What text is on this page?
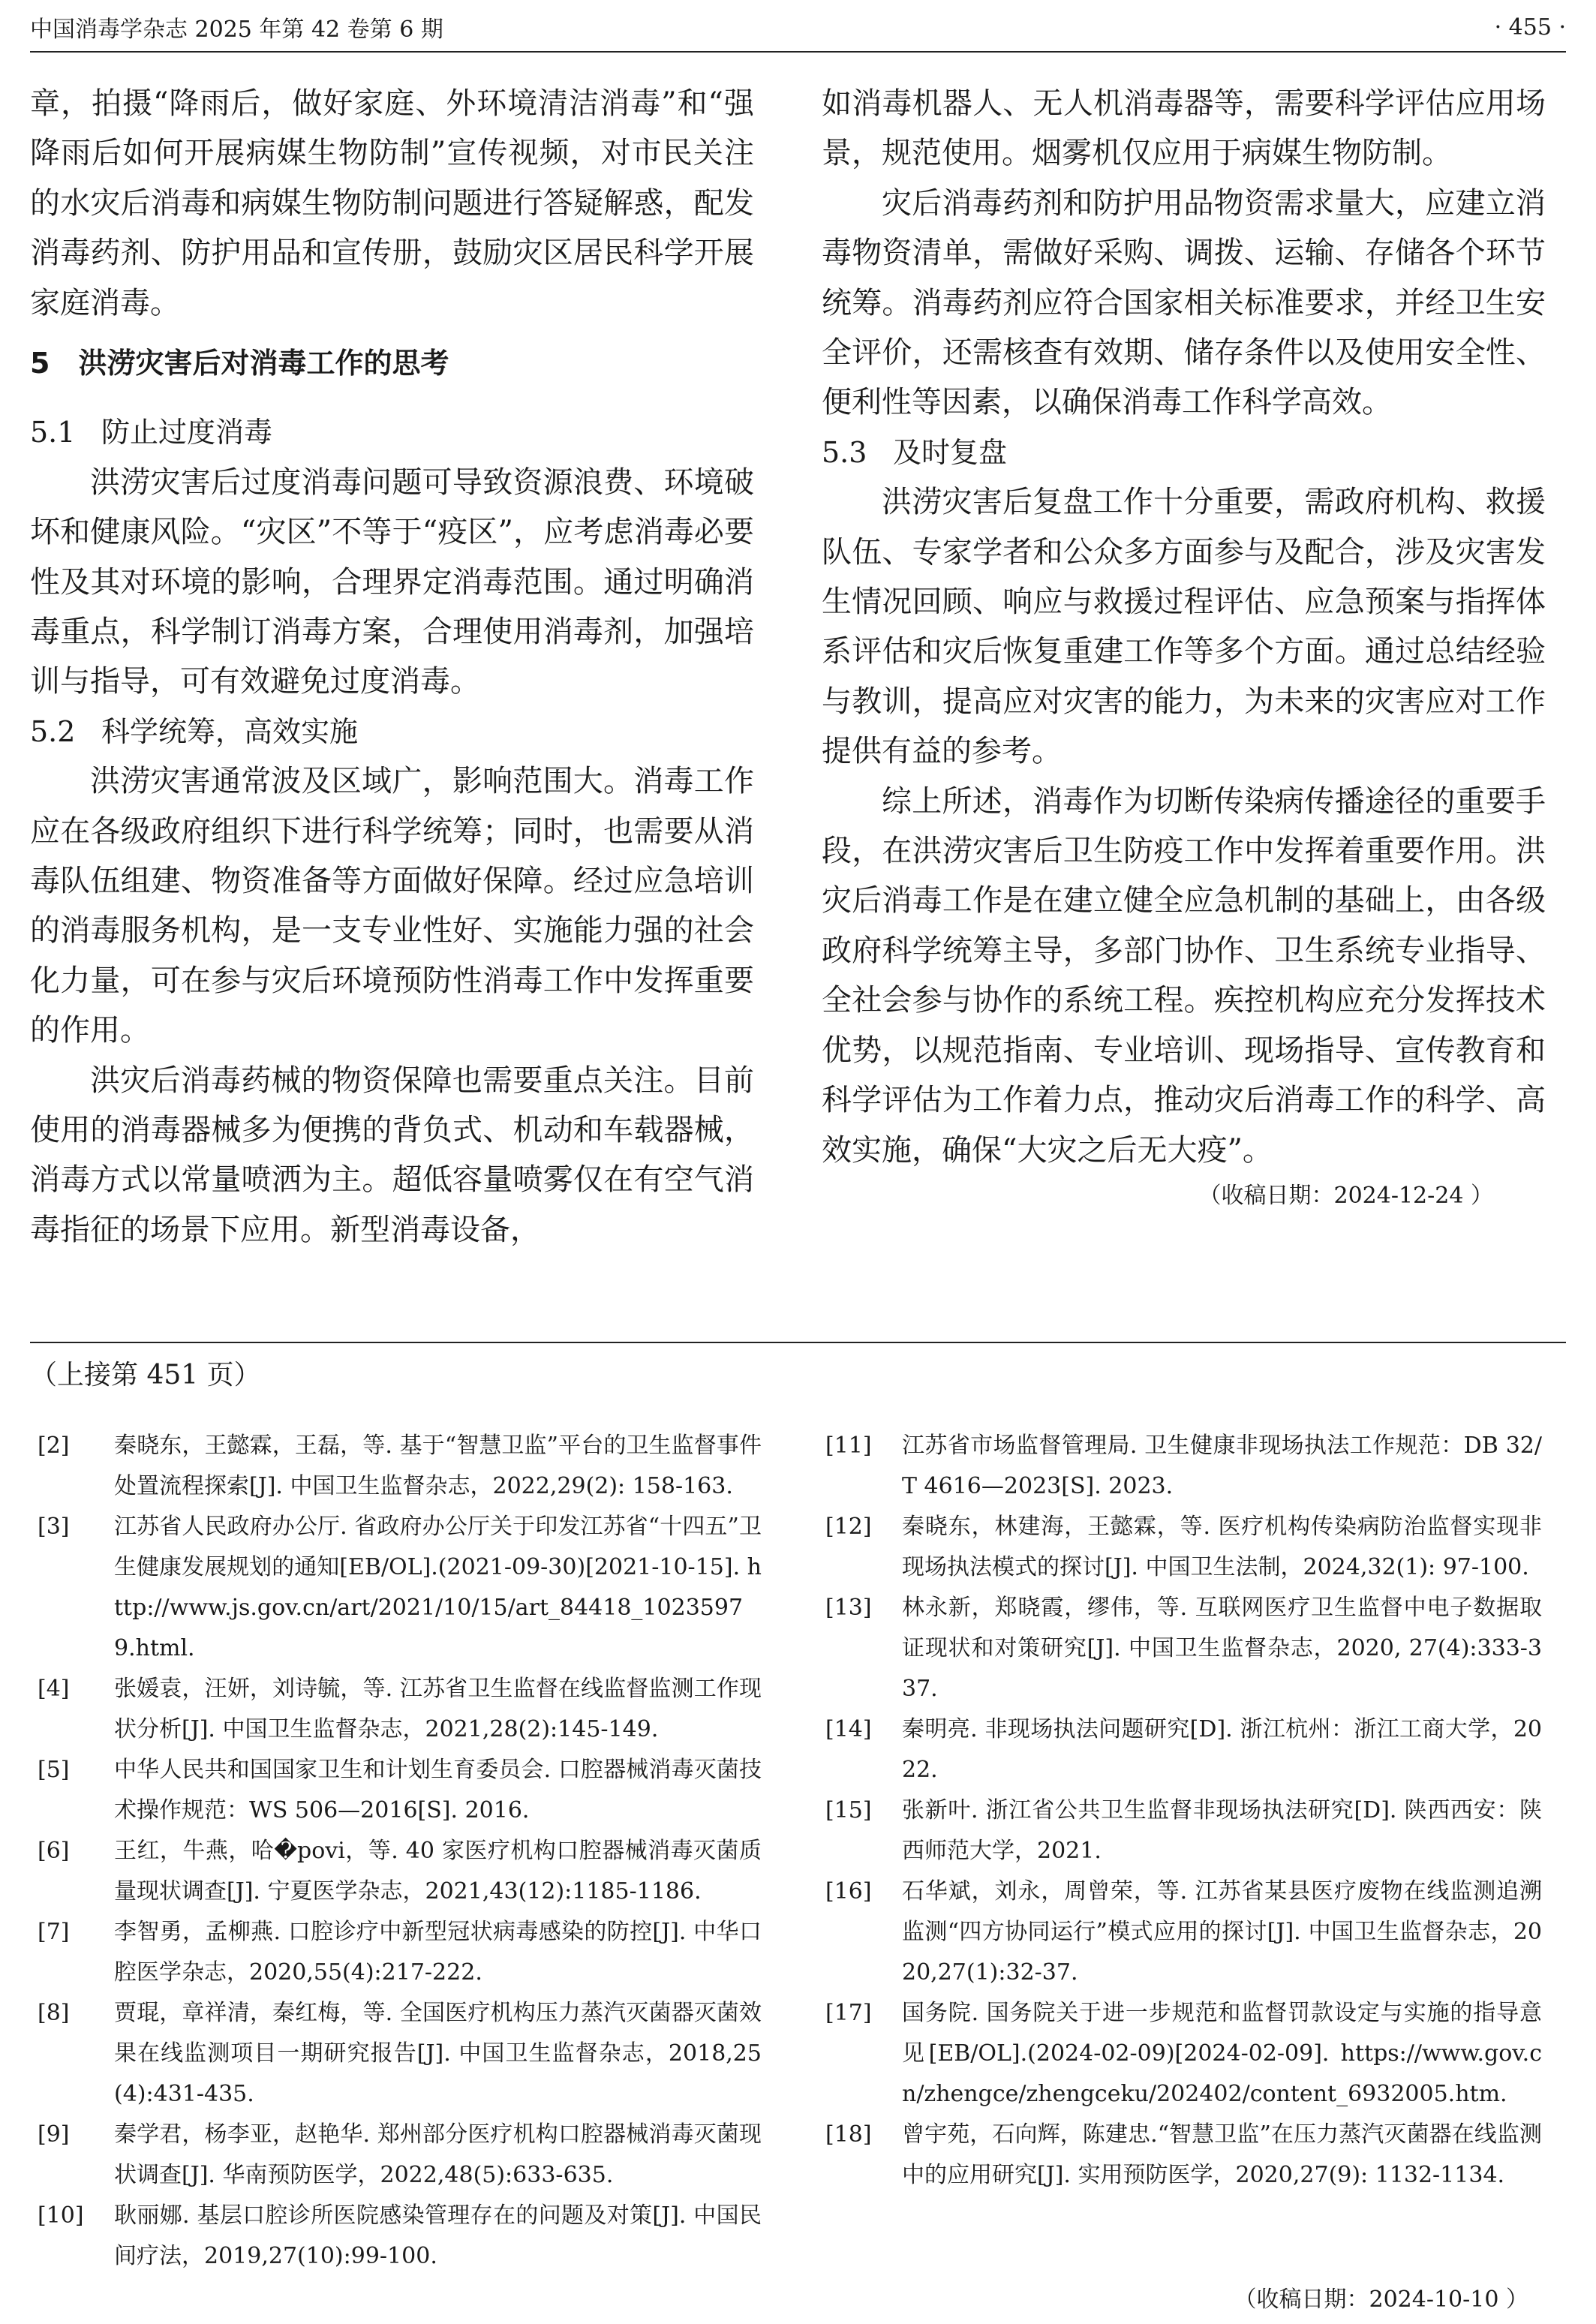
中国消毒学杂志 2025 年第 42 卷第 6 期	· 455 ·

章，拍摄“降雨后，做好家庭、外环境清洁消毒”和“强降雨后如何开展病媒生物防制”宣传视频，对市民关注的水灾后消毒和病媒生物防制问题进行答疑解惑，配发消毒药剂、防护用品和宣传册，鼓励灾区居民科学开展家庭消毒。

5　洪涝灾害后对消毒工作的思考
5.1 防止过度消毒

洪涝灾害后过度消毒问题可导致资源浪费、环境破坏和健康风险。“灾区”不等于“疫区”，应考虑消毒必要性及其对环境的影响，合理界定消毒范围。通过明确消毒重点，科学制订消毒方案，合理使用消毒剂，加强培训与指导，可有效避免过度消毒。

5.2 科学统筹，高效实施

洪涝灾害通常波及区域广，影响范围大。消毒工作应在各级政府组织下进行科学统筹；同时，也需要从消毒队伍组建、物资准备等方面做好保障。经过应急培训的消毒服务机构，是一支专业性好、实施能力强的社会化力量，可在参与灾后环境预防性消毒工作中发挥重要的作用。

洪灾后消毒药械的物资保障也需要重点关注。目前使用的消毒器械多为便携的背负式、机动和车载器械，消毒方式以常量喷洒为主。超低容量喷雾仅在有空气消毒指征的场景下应用。新型消毒设备，

如消毒机器人、无人机消毒器等，需要科学评估应用场景，规范使用。烟雾机仅应用于病媒生物防制。

灾后消毒药剂和防护用品物资需求量大，应建立消毒物资清单，需做好采购、调拨、运输、存储各个环节统筹。消毒药剂应符合国家相关标准要求，并经卫生安全评价，还需核查有效期、储存条件以及使用安全性、便利性等因素，以确保消毒工作科学高效。

5.3 及时复盘

洪涝灾害后复盘工作十分重要，需政府机构、救援队伍、专家学者和公众多方面参与及配合，涉及灾害发生情况回顾、响应与救援过程评估、应急预案与指挥体系评估和灾后恢复重建工作等多个方面。通过总结经验与教训，提高应对灾害的能力，为未来的灾害应对工作提供有益的参考。

综上所述，消毒作为切断传染病传播途径的重要手段，在洪涝灾害后卫生防疫工作中发挥着重要作用。洪灾后消毒工作是在建立健全应急机制的基础上，由各级政府科学统筹主导，多部门协作、卫生系统专业指导、全社会参与协作的系统工程。疾控机构应充分发挥技术优势，以规范指南、专业培训、现场指导、宣传教育和科学评估为工作着力点，推动灾后消毒工作的科学、高效实施，确保“大灾之后无大疫”。

（收稿日期：2024-12-24 ）
（上接第 451 页）
[2]	秦晓东，王懿霖，王磊，等. 基于“智慧卫监”平台的卫生监督事件处置流程探索[J]. 中国卫生监督杂志，2022,29(2): 158-163.
[3]	江苏省人民政府办公厅. 省政府办公厅关于印发江苏省“十四五”卫生健康发展规划的通知[EB/OL].(2021-09-30)[2021-10-15]. http://www.js.gov.cn/art/2021/10/15/art_84418_10235979.html.
[4]	张媛袁，汪妍，刘诗毓，等. 江苏省卫生监督在线监督监测工作现状分析[J]. 中国卫生监督杂志，2021,28(2):145-149.
[5]	中华人民共和国国家卫生和计划生育委员会. 口腔器械消毒灭菌技术操作规范：WS 506—2016[S]. 2016.
[6]	王红，牛燕，哈�povi，等. 40 家医疗机构口腔器械消毒灭菌质量现状调查[J]. 宁夏医学杂志，2021,43(12):1185-1186.
[7]	李智勇，孟柳燕. 口腔诊疗中新型冠状病毒感染的防控[J]. 中华口腔医学杂志，2020,55(4):217-222.
[8]	贾琨，章祥清，秦红梅，等. 全国医疗机构压力蒸汽灭菌器灭菌效果在线监测项目一期研究报告[J]. 中国卫生监督杂志，2018,25(4):431-435.
[9]	秦学君，杨李亚，赵艳华. 郑州部分医疗机构口腔器械消毒灭菌现状调查[J]. 华南预防医学，2022,48(5):633-635.
[10] 耿丽娜. 基层口腔诊所医院感染管理存在的问题及对策[J]. 中国民间疗法，2019,27(10):99-100.
[11] 江苏省市场监督管理局. 卫生健康非现场执法工作规范：DB 32/T 4616—2023[S]. 2023.
[12] 秦晓东，林建海，王懿霖，等. 医疗机构传染病防治监督实现非现场执法模式的探讨[J]. 中国卫生法制，2024,32(1): 97-100.
[13] 林永新，郑晓霞，缪伟，等. 互联网医疗卫生监督中电子数据取证现状和对策研究[J]. 中国卫生监督杂志，2020, 27(4):333-337.
[14] 秦明亮. 非现场执法问题研究[D]. 浙江杭州：浙江工商大学，2022.
[15] 张新叶. 浙江省公共卫生监督非现场执法研究[D]. 陕西西安：陕西师范大学，2021.
[16] 石华斌，刘永，周曾荣，等. 江苏省某县医疗废物在线监测追溯监测“四方协同运行”模式应用的探讨[J]. 中国卫生监督杂志，2020,27(1):32-37.
[17] 国务院. 国务院关于进一步规范和监督罚款设定与实施的指导意见[EB/OL].(2024-02-09)[2024-02-09]. https://www.gov.cn/zhengce/zhengceku/202402/content_6932005.htm.
[18] 曾宇苑，石向辉，陈建忠.“智慧卫监”在压力蒸汽灭菌器在线监测中的应用研究[J]. 实用预防医学，2020,27(9): 1132-1134.
（收稿日期：2024-10-10 ）
